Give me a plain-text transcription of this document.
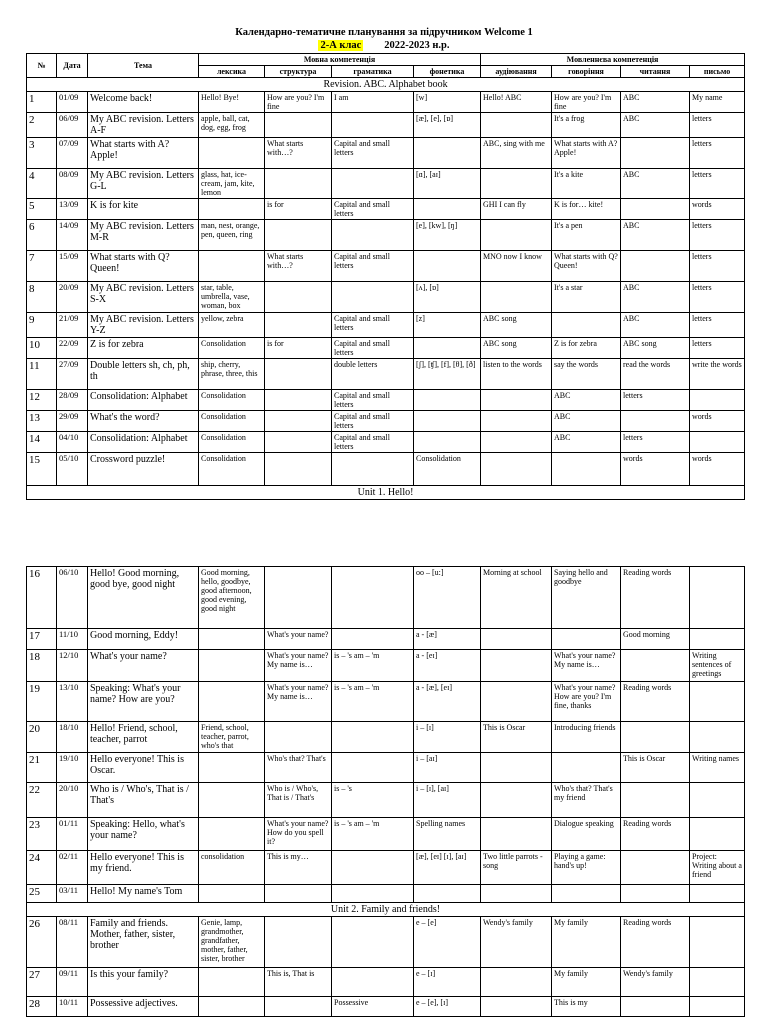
Календарно-тематичне планування за підручником Welcome 1
2-А клас 2022-2023 н.р.
№	Дата	Тема	Мовна компетенція				Мовленнєва компетенція			
			лексика	структура	граматика	фонетика	аудіювання	говоріння	читання	письмо
Revision. ABC. Alphabet book										
1	01/09	Welcome back!	Hello! Bye!	How are you? I'm fine	I am	[w]	Hello! ABC	How are you? I'm fine	ABC	My name
2	06/09	My ABC revision. Letters A-F	apple, ball, cat, dog, egg, frog			[æ], [e], [ɒ]		It's a frog	ABC	letters
3	07/09	What starts with A? Apple!		What starts with…?	Capital and small letters		ABC, sing with me	What starts with A? Apple!		letters
4	08/09	My ABC revision. Letters G-L	glass, hat, ice-cream, jam, kite, lemon			[ɑ], [aɪ]		It's a kite	ABC	letters
5	13/09	K is for kite		is for	Capital and small letters		GHI I can fly	K is for… kite!		words
6	14/09	My ABC revision. Letters M-R	man, nest, orange, pen, queen, ring			[e], [kw], [ŋ]		It's a pen	ABC	letters
7	15/09	What starts with Q? Queen!		What starts with…?	Capital and small letters		MNO now I know	What starts with Q? Queen!		letters
8	20/09	My ABC revision. Letters S-X	star, table, umbrella, vase, woman, box			[ʌ], [ɒ]		It's a star	ABC	letters
9	21/09	My ABC revision. Letters Y-Z	yellow, zebra		Capital and small letters	[z]	ABC song		ABC	letters
10	22/09	Z is for zebra	Consolidation	is for	Capital and small letters		ABC song	Z is for zebra	ABC song	letters
11	27/09	Double letters sh, ch, ph, th	ship, cherry, phrase, three, this		double letters	[ʃ], [ʧ], [f], [θ], [ð]	listen to the words	say the words	read the words	write the words
12	28/09	Consolidation: Alphabet	Consolidation		Capital and small letters			ABC	letters	
13	29/09	What's the word?	Consolidation		Capital and small letters			ABC		words
14	04/10	Consolidation: Alphabet	Consolidation		Capital and small letters			ABC	letters	
15	05/10	Crossword puzzle!	Consolidation			Consolidation			words	words
Unit 1. Hello!										
16	06/10	Hello! Good morning, good bye, good night	Good morning, hello, goodbye, good afternoon, good evening, good night			oo – [u:]	Morning at school	Saying hello and goodbye	Reading words	
17	11/10	Good morning, Eddy!		What's your name?		a - [æ]			Good morning	
18	12/10	What's your name?		What's your name? My name is…	is – 's am – 'm	a - [eɪ]		What's your name? My name is…		Writing sentences of greetings
19	13/10	Speaking: What's your name? How are you?		What's your name? My name is…	is – 's am – 'm	a - [æ], [eɪ]		What's your name? How are you? I'm fine, thanks	Reading words	
20	18/10	Hello! Friend, school, teacher, parrot	Friend, school, teacher, parrot, who's that			i – [ɪ]	This is Oscar	Introducing friends		
21	19/10	Hello everyone! This is Oscar.		Who's that? That's		i – [aɪ]			This is Oscar	Writing names
22	20/10	Who is / Who's, That is / That's		Who is / Who's, That is / That's	is – 's	i – [ɪ], [aɪ]		Who's that? That's my friend		
23	01/11	Speaking: Hello, what's your name?		What's your name? How do you spell it?	is – 's am – 'm	Spelling names		Dialogue speaking	Reading words	
24	02/11	Hello everyone! This is my friend.	consolidation	This is my…		[æ], [eɪ] [ɪ], [aɪ]	Two little parrots - song	Playing a game: hand's up!		Project: Writing about a friend
25	03/11	Hello! My name's Tom								
Unit 2. Family and friends!										
26	08/11	Family and friends. Mother, father, sister, brother	Genie, lamp, grandmother, grandfather, mother, father, sister, brother			e – [e]	Wendy's family	My family	Reading words	
27	09/11	Is this your family?		This is, That is		e – [ɪ]		My family	Wendy's family	
28	10/11	Possessive adjectives.			Possessive	e – [e], [ɪ]		This is my		
